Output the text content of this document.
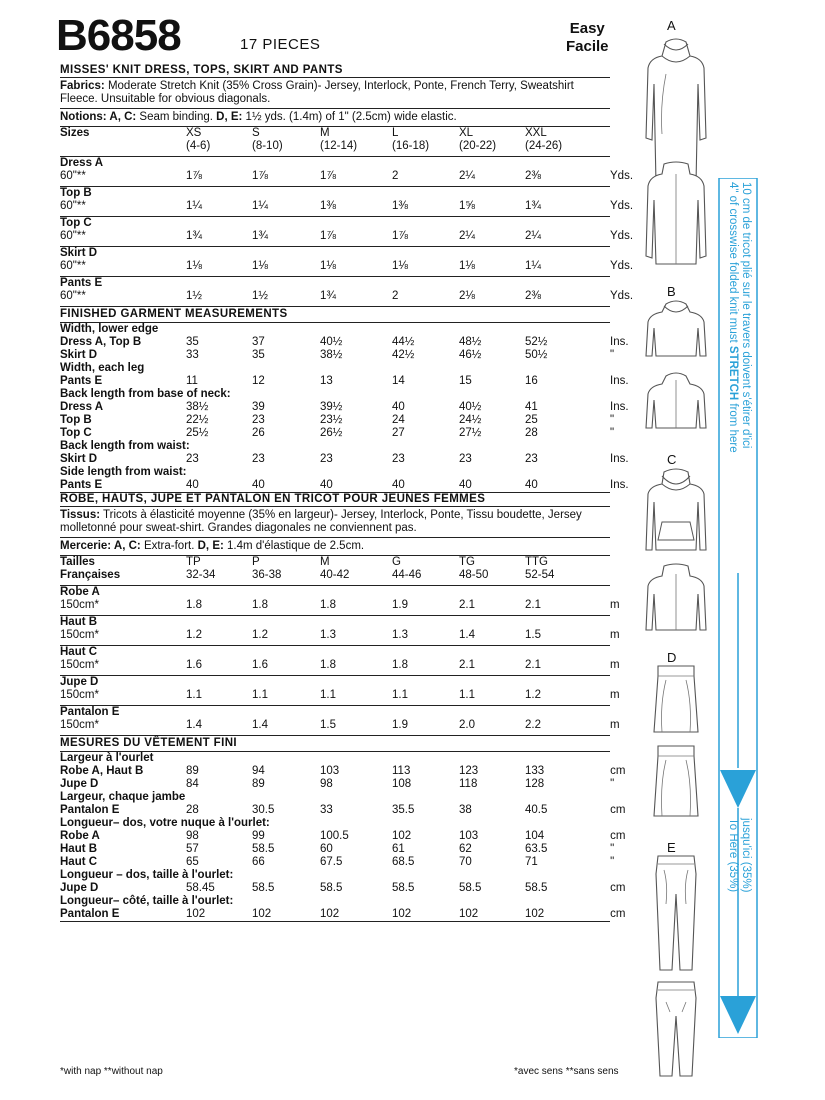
B6858	17 PIECES
Easy
Facile
MISSES' KNIT DRESS, TOPS, SKIRT AND PANTS
Fabrics: Moderate Stretch Knit (35% Cross Grain)- Jersey, Interlock, Ponte, French Terry, Sweatshirt Fleece. Unsuitable for obvious diagonals.
Notions: A, C: Seam binding. D, E: 1½ yds. (1.4m) of 1" (2.5cm) wide elastic.
Sizes	XS	S	M	L	XL	XXL		
	(4-6)	(8-10)	(12-14)	(16-18)	(20-22)	(24-26)		
Dress A								
60"**	1⅞	1⅞	1⅞	2	2¼	2⅜		Yds.
Top B								
60"**	1¼	1¼	1⅜	1⅜	1⅝	1¾		Yds.
Top C								
60"**	1¾	1¾	1⅞	1⅞	2¼	2¼		Yds.
Skirt D								
60"**	1⅛	1⅛	1⅛	1⅛	1⅛	1¼		Yds.
Pants E								
60"**	1½	1½	1¾	2	2⅛	2⅜		Yds.
FINISHED GARMENT MEASUREMENTS
Width, lower edge								
Dress A, Top B	35	37	40½	44½	48½	52½		Ins.
Skirt D	33	35	38½	42½	46½	50½		"
Width, each leg								
Pants E	11	12	13	14	15	16		Ins.
Back length from base of neck:								
Dress A	38½	39	39½	40	40½	41		Ins.
Top B	22½	23	23½	24	24½	25		"
Top C	25½	26	26½	27	27½	28		"
Back length from waist:								
Skirt D	23	23	23	23	23	23		Ins.
Side length from waist:								
Pants E	40	40	40	40	40	40		Ins.
ROBE, HAUTS, JUPE ET PANTALON EN TRICOT POUR JEUNES FEMMES
Tissus: Tricots à élasticité moyenne (35% en largeur)- Jersey, Interlock, Ponte, Tissu boudette, Jersey molletonné pour sweat-shirt. Grandes diagonales ne conviennent pas.
Mercerie: A, C: Extra-fort. D, E: 1.4m d'élastique de 2.5cm.
Tailles	TP	P	M	G	TG	TTG		
Françaises	32-34	36-38	40-42	44-46	48-50	52-54		
Robe A								
150cm*	1.8	1.8	1.8	1.9	2.1	2.1		m
Haut B								
150cm*	1.2	1.2	1.3	1.3	1.4	1.5		m
Haut C								
150cm*	1.6	1.6	1.8	1.8	2.1	2.1		m
Jupe D								
150cm*	1.1	1.1	1.1	1.1	1.1	1.2		m
Pantalon E								
150cm*	1.4	1.4	1.5	1.9	2.0	2.2		m
MESURES DU VÊTEMENT FINI
Largeur à l'ourlet								
Robe A, Haut B	89	94	103	113	123	133		cm
Jupe D	84	89	98	108	118	128		"
Largeur, chaque jambe								
Pantalon E	28	30.5	33	35.5	38	40.5		cm
Longueur– dos, votre nuque à l'ourlet:								
Robe A	98	99	100.5	102	103	104		cm
Haut B	57	58.5	60	61	62	63.5		"
Haut C	65	66	67.5	68.5	70	71		"
Longueur – dos, taille à l'ourlet:								
Jupe D	58.45	58.5	58.5	58.5	58.5	58.5		cm
Longueur– côté, taille à l'ourlet:								
Pantalon E	102	102	102	102	102	102		cm
*with nap **without nap	*avec sens **sans sens
A
B
C
D
E
4" of crosswise folded knit must STRETCH from here 10 cm de tricot plié sur le travers doivent s'étirer d'ici
To Here (35%) jusqu'ici (35%)
